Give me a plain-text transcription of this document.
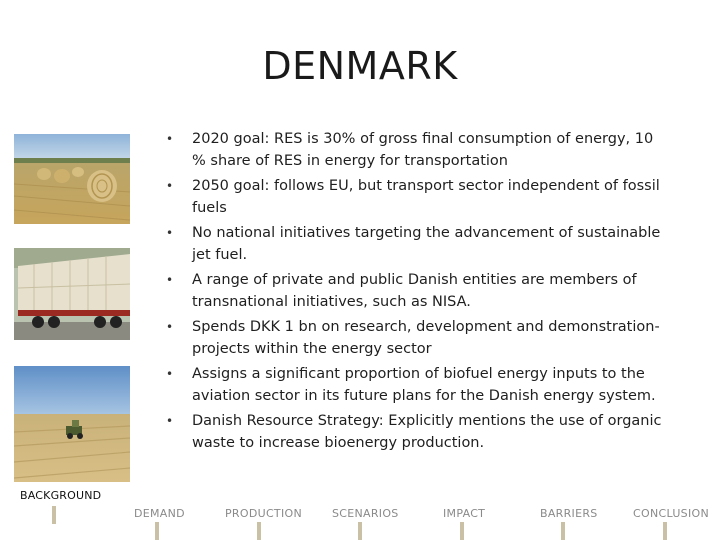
DENMARK
•	2020 goal: RES is 30% of gross final consumption of energy, 10 % share of RES in energy for transportation
•	2050 goal: follows EU, but transport sector independent of fossil fuels
•	No national initiatives targeting the advancement of sustainable jet fuel.
•	A range of private and public Danish entities are members of transnational initiatives, such as NISA.
•	Spends DKK 1 bn on research, development and demonstration-projects within the energy sector
•	Assigns a significant proportion of biofuel energy inputs to the aviation sector in its future plans for the Danish energy system.
•	Danish Resource Strategy: Explicitly mentions the use of organic waste to increase bioenergy production.
BACKGROUND
DEMAND	PRODUCTION	SCENARIOS	IMPACT	BARRIERS	CONCLUSION
